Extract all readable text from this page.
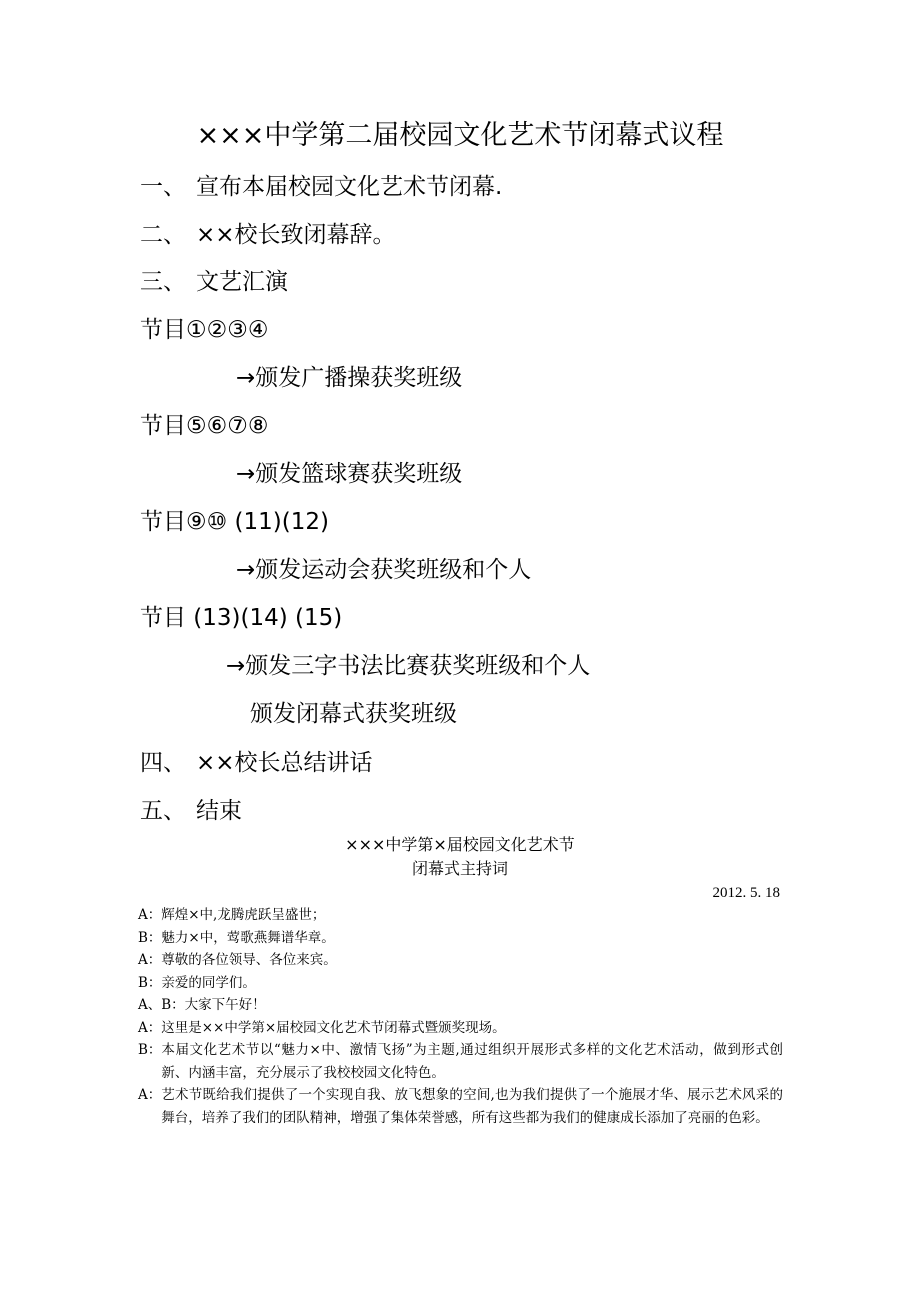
×××中学第二届校园文化艺术节闭幕式议程
一、 宣布本届校园文化艺术节闭幕.
二、 ××校长致闭幕辞。
三、 文艺汇演
节目①②③④
→颁发广播操获奖班级
节目⑤⑥⑦⑧
→颁发篮球赛获奖班级
节目⑨⑩ (11)(12)
→颁发运动会获奖班级和个人
节目 (13)(14) (15)
→颁发三字书法比赛获奖班级和个人
颁发闭幕式获奖班级
四、 ××校长总结讲话
五、 结束
×××中学第×届校园文化艺术节
闭幕式主持词
2012. 5. 18
A： 辉煌×中,龙腾虎跃呈盛世；
B： 魅力×中，莺歌燕舞谱华章。
A： 尊敬的各位领导、各位来宾。
B： 亲爱的同学们。
A、B： 大家下午好！
A： 这里是××中学第×届校园文化艺术节闭幕式暨颁奖现场。
B： 本届文化艺术节以“魅力×中、激情飞扬”为主题,通过组织开展形式多样的文化艺术活动，做到形式创新、内涵丰富，充分展示了我校校园文化特色。
A： 艺术节既给我们提供了一个实现自我、放飞想象的空间,也为我们提供了一个施展才华、展示艺术风采的舞台，培养了我们的团队精神，增强了集体荣誉感，所有这些都为我们的健康成长添加了亮丽的色彩。
